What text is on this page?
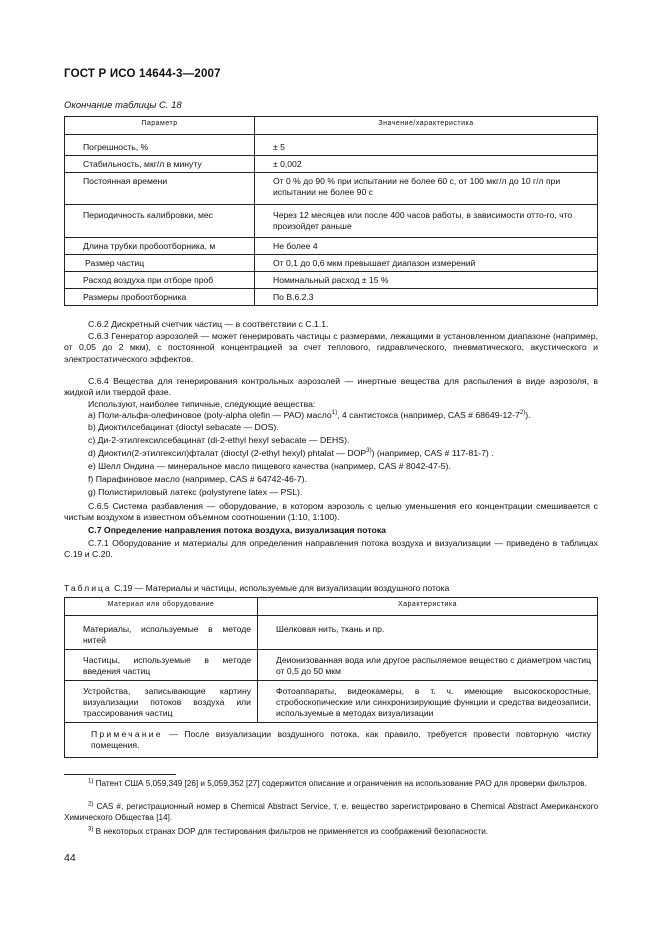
ГОСТ Р ИСО 14644-3—2007
Окончание таблицы С. 18
Параметр	Значение/характеристика
Погрешность, %	± 5
Стабильность, мкг/л в минуту	± 0,002
Постоянная времени	От 0 % до 90 % при испытании не более 60 с, от 100 мкг/л до 10 г/л при испытании не более 90 с
Периодичность калибровки, мес	Через 12 месяцев или после 400 часов работы, в зависимости отто-го, что произойдет раньше
Длина трубки пробоотборника, м	Не более 4
Размер частиц	От 0,1 до 0,6 мкм превышает диапазон измерений
Расход воздуха при отборе проб	Номинальный расход ± 15 %
Размеры пробоотборника	По В.6.2.3
С.6.2 Дискретный счетчик частиц — в соответствии с С.1.1.
С.6.3 Генератор аэрозолей — может генерировать частицы с размерами, лежащими в установленном диапазоне (например, от 0,05 до 2 мкм), с постоянной концентрацией за счет теплового, гидравлического, пневматического, акустического и электростатического эффектов.
С.6.4 Вещества для генерирования контрольных аэрозолей — инертные вещества для распыления в виде аэрозоля, в жидкой или твердой фазе.
Используют, наиболее типичные, следующие вещества:
a) Поли-альфа-олефиновое (poly-alpha olefin — PAO) масло$^{1)}$, 4 сантистокса (например, CAS # 68649-12-7$^{2)}$).
b) Диоктилсебацинат (dioctyl sebacate — DOS).
c) Ди-2-этилгексилсебацинат (di-2-ethyl hexyl sebacate — DEHS).
d) Диоктил(2-этилгексил)фталат (dioctyl (2-ethyl hexyl) phtalat — DOP$^{3)}$) (например, CAS # 117-81-7) .
e) Шелл Ондина — минеральное масло пищевого качества (например, CAS # 8042-47-5).
f) Парафиновое масло (например, CAS # 64742-46-7).
g) Полистириловый латекс (polystyrene latex — PSL).
С.6.5 Система разбавления — оборудование, в котором аэрозоль с целью уменьшения его концентрации смешивается с чистым воздухом в известном объемном соотношении (1:10, 1:100).
С.7 Определение направления потока воздуха, визуализация потока
С.7.1 Оборудование и материалы для определения направления потока воздуха и визуализации — приведено в таблицах С.19 и С.20.
Таблица С.19 — Материалы и частицы, используемые для визуализации воздушного потока
Материал или оборудование	Характеристика
Материалы, используемые в методе нитей	Шелковая нить, ткань и пр.
Частицы, используемые в методе введения частиц	Деионизованная вода или другое распыляемое вещество с диаметром частиц от 0,5 до 50 мкм
Устройства, записывающие картину визуализации потоков воздуха или трассирования частиц	Фотоаппараты, видеокамеры, в т. ч. имеющие высокоскоростные, стробоскопические или синхронизирующие функции и средства видеозаписи, используемые в методах визуализации
Примечание — После визуализации воздушного потока, как правило, требуется провести повторную чистку помещения.	
$^{1)}$ Патент США 5,059,349 [26] и 5,059,352 [27] содержится описание и ограничения на использование PAO для проверки фильтров.
$^{2)}$ CAS #, регистрационный номер в Chemical Abstract Service, т. е. вещество зарегистрировано в Chemical Abstract Американского Химического Общества [14].
$^{3)}$ В некоторых странах DOP для тестирования фильтров не применяется из соображений безопасности.
44
